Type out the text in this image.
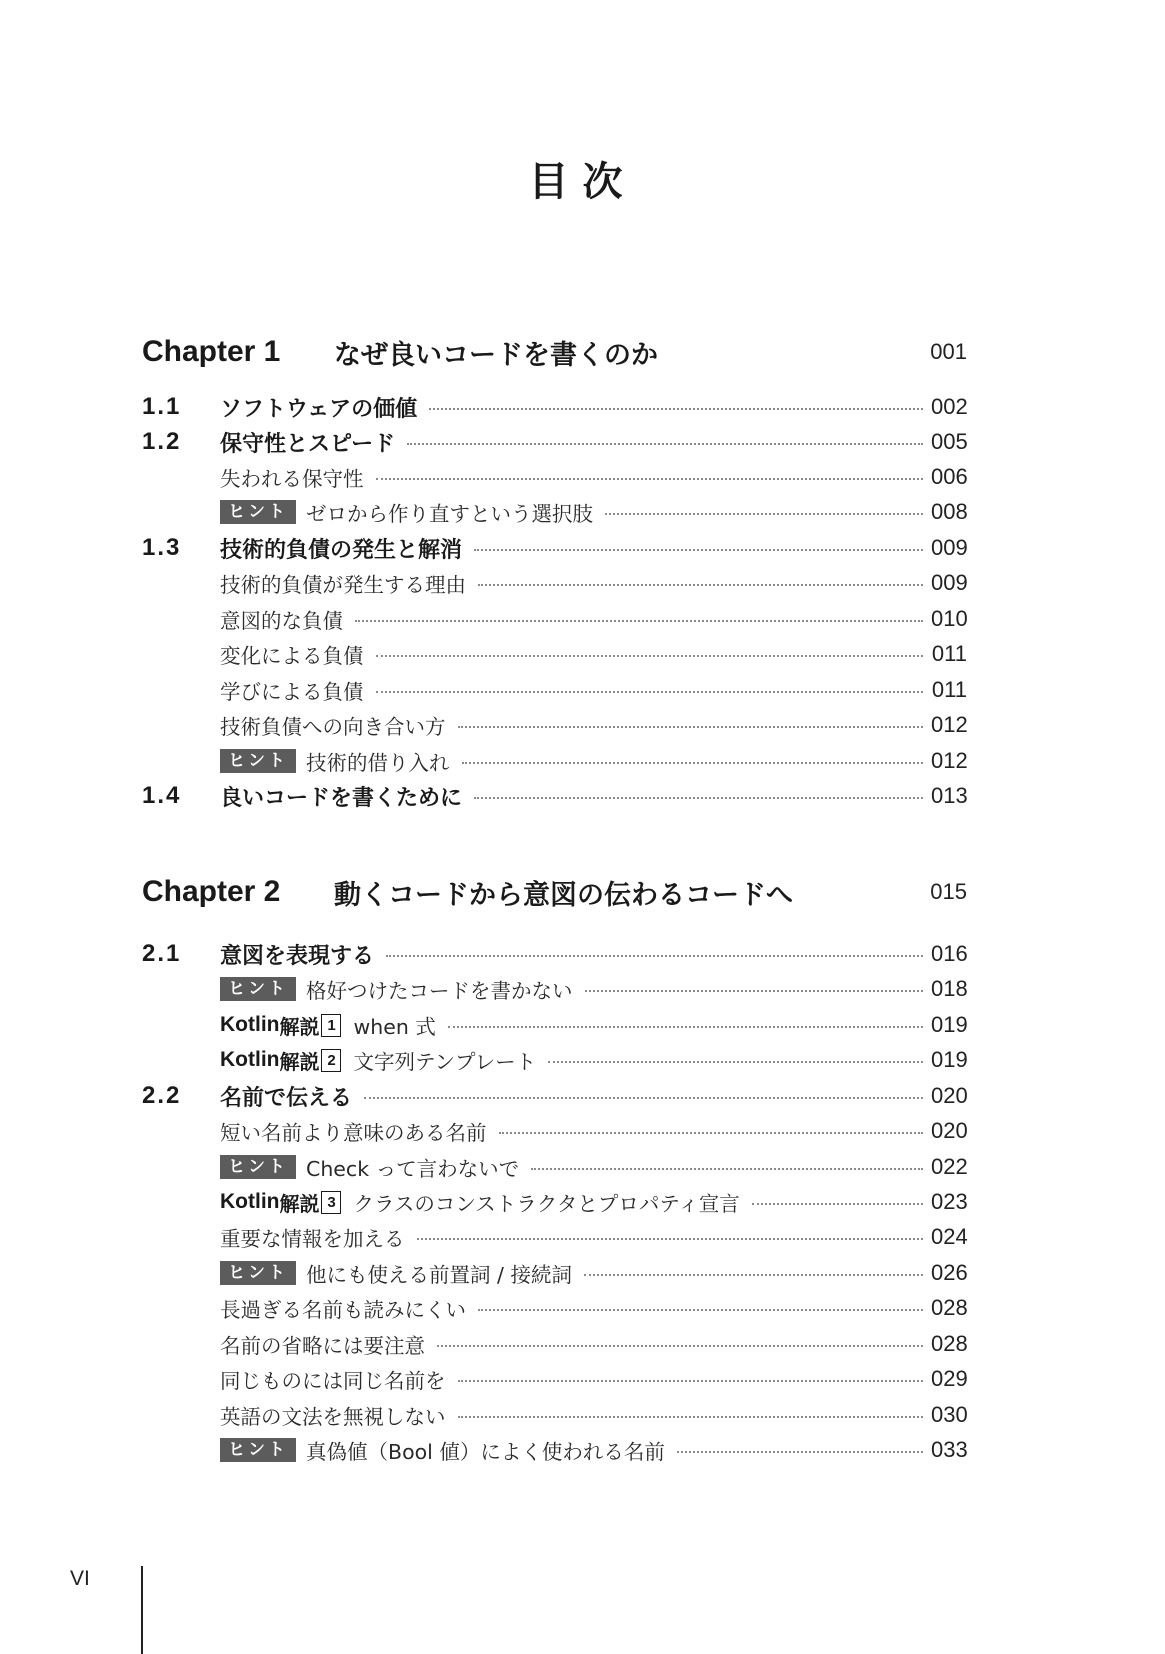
目次
Chapter 1	なぜ良いコードを書くのか	001
1.1	ソフトウェアの価値	002
1.2	保守性とスピード	005
失われる保守性	006
ヒント ゼロから作り直すという選択肢	008
1.3	技術的負債の発生と解消	009
技術的負債が発生する理由	009
意図的な負債	010
変化による負債	011
学びによる負債	011
技術負債への向き合い方	012
ヒント 技術的借り入れ	012
1.4	良いコードを書くために	013
Chapter 2	動くコードから意図の伝わるコードへ	015
2.1	意図を表現する	016
ヒント 格好つけたコードを書かない	018
Kotlin 解説 1 when 式	019
Kotlin 解説 2 文字列テンプレート	019
2.2	名前で伝える	020
短い名前より意味のある名前	020
ヒント Check って言わないで	022
Kotlin 解説 3 クラスのコンストラクタとプロパティ宣言	023
重要な情報を加える	024
ヒント 他にも使える前置詞 / 接続詞	026
長過ぎる名前も読みにくい	028
名前の省略には要注意	028
同じものには同じ名前を	029
英語の文法を無視しない	030
ヒント 真偽値（Bool 値）によく使われる名前	033
VI
